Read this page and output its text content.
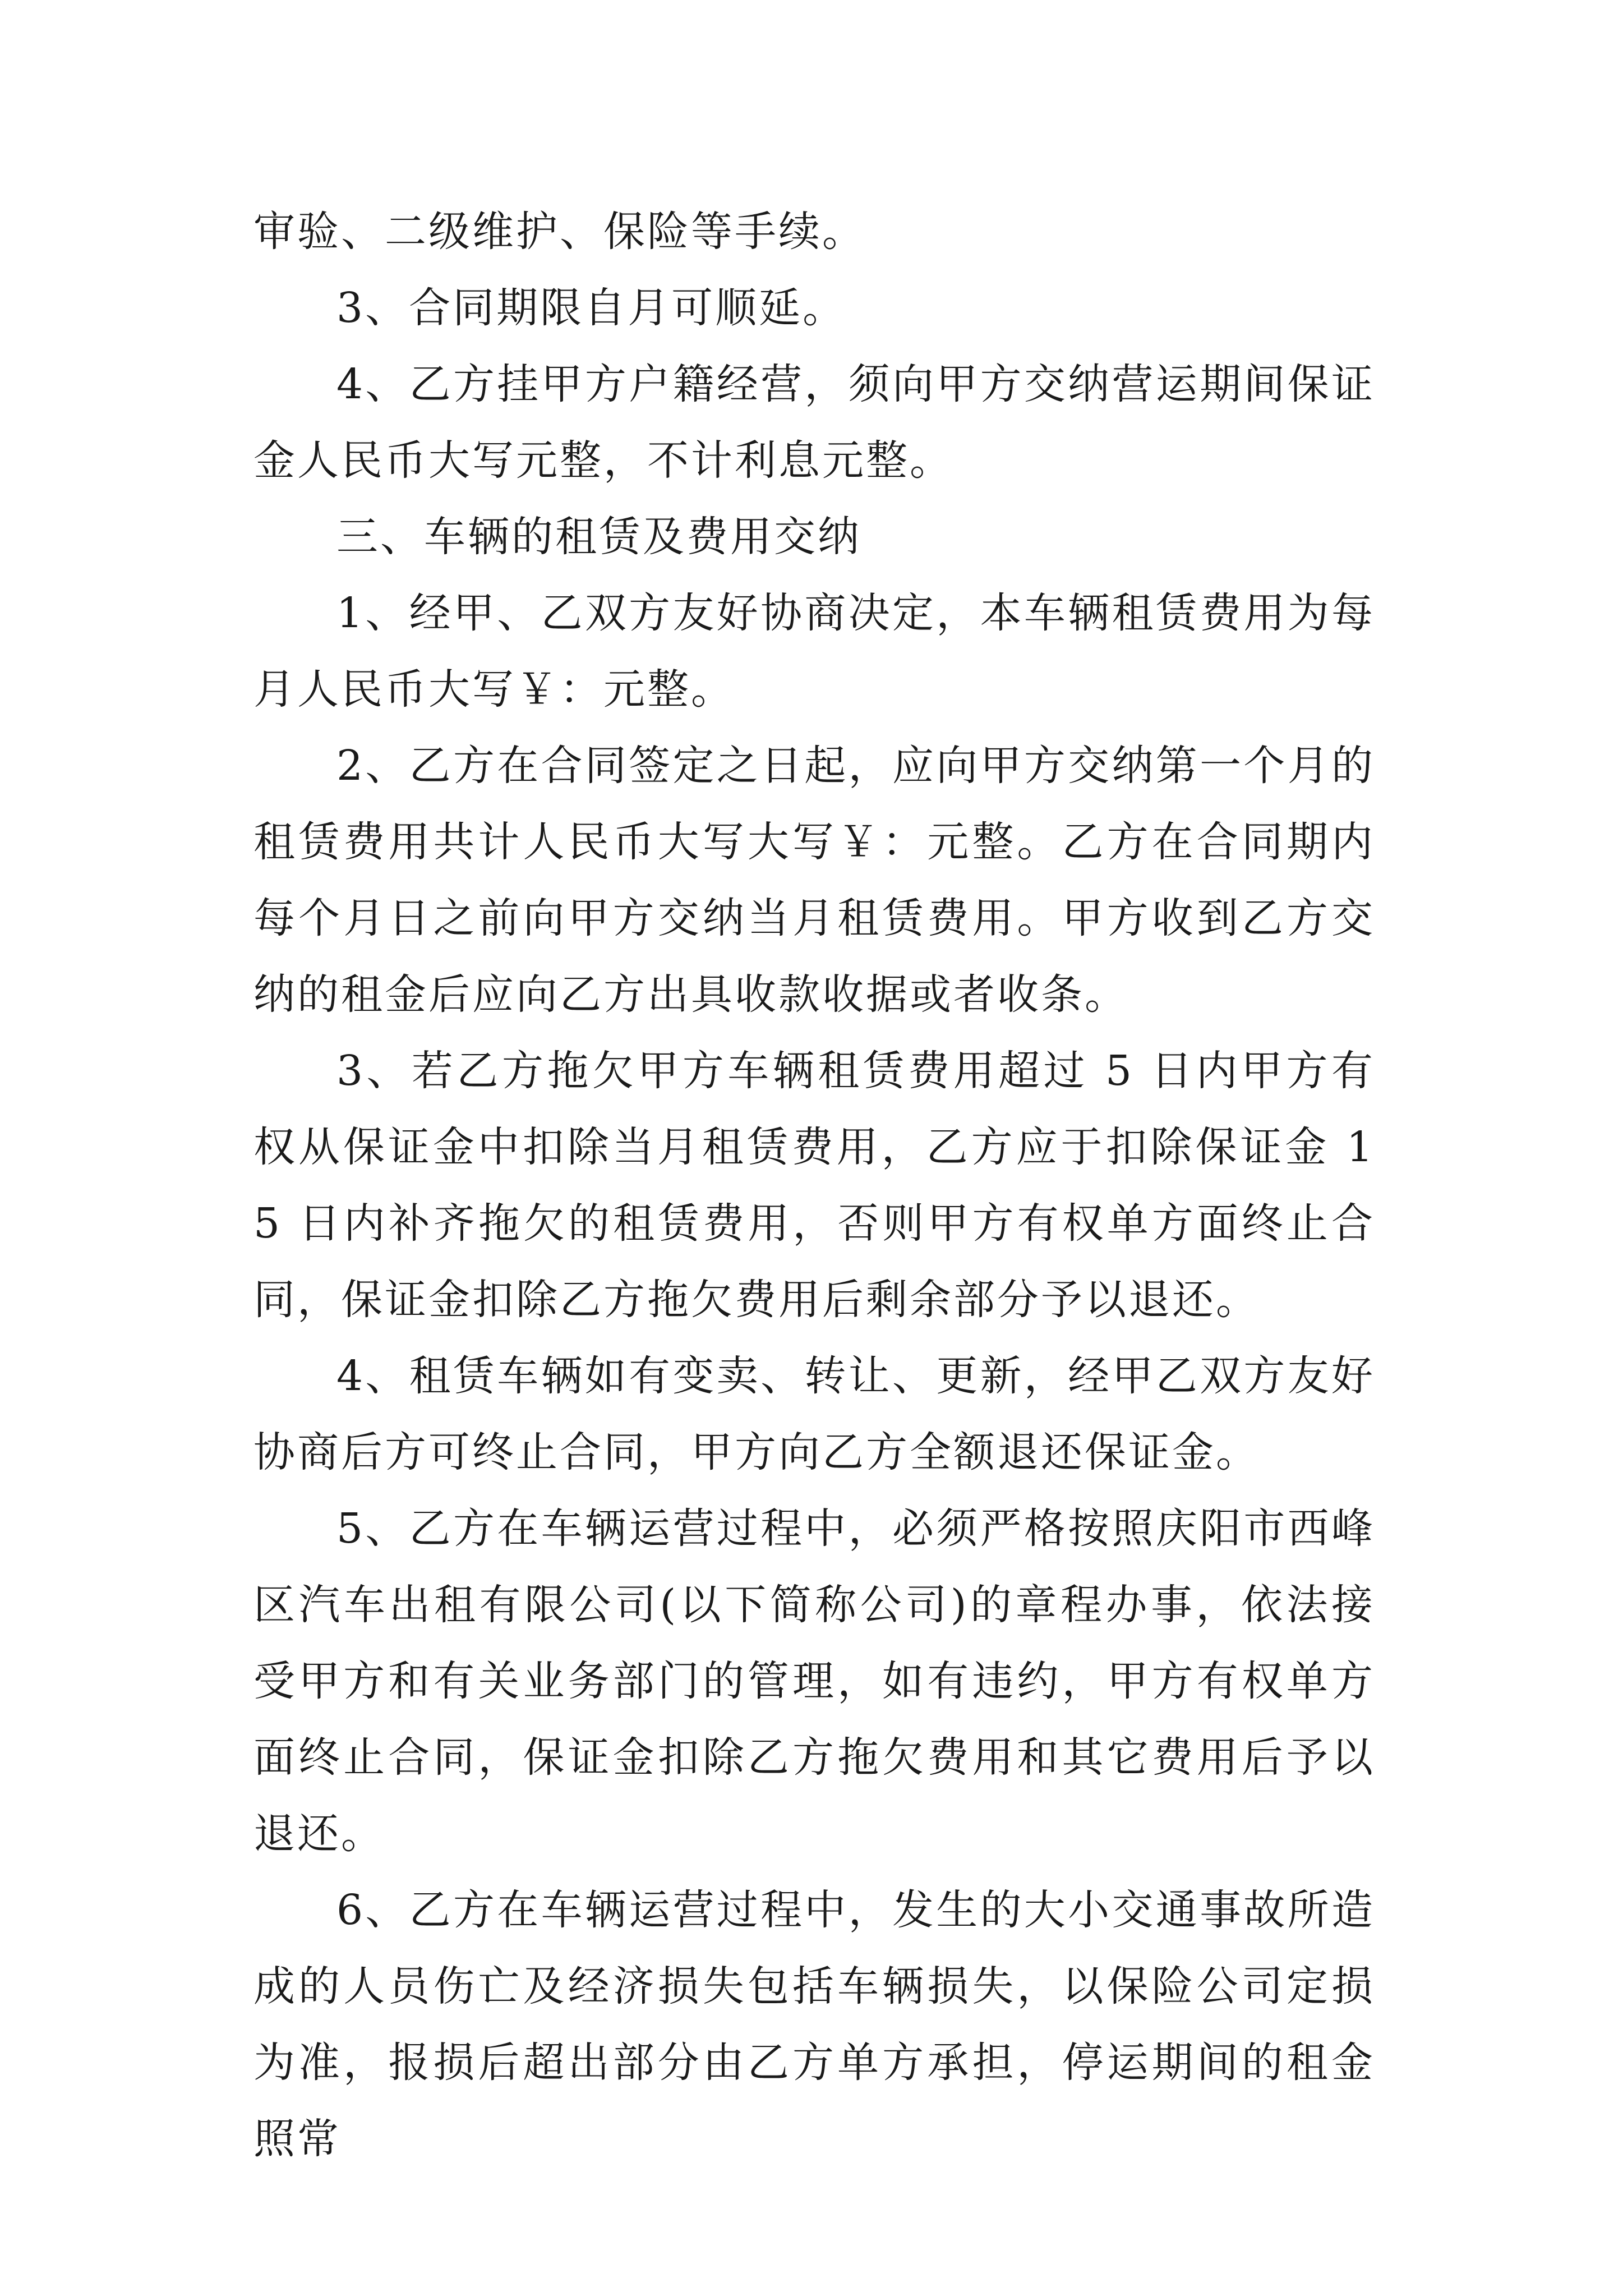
审验、二级维护、保险等手续。

3、合同期限自月可顺延。

4、乙方挂甲方户籍经营，须向甲方交纳营运期间保证金人民币大写元整，不计利息元整。

三、车辆的租赁及费用交纳

1、经甲、乙双方友好协商决定，本车辆租赁费用为每月人民币大写￥：元整。

2、乙方在合同签定之日起，应向甲方交纳第一个月的租赁费用共计人民币大写大写￥：元整。乙方在合同期内每个月日之前向甲方交纳当月租赁费用。甲方收到乙方交纳的租金后应向乙方出具收款收据或者收条。

3、若乙方拖欠甲方车辆租赁费用超过 5 日内甲方有权从保证金中扣除当月租赁费用，乙方应于扣除保证金 15 日内补齐拖欠的租赁费用，否则甲方有权单方面终止合同，保证金扣除乙方拖欠费用后剩余部分予以退还。

4、租赁车辆如有变卖、转让、更新，经甲乙双方友好协商后方可终止合同，甲方向乙方全额退还保证金。

5、乙方在车辆运营过程中，必须严格按照庆阳市西峰区汽车出租有限公司(以下简称公司)的章程办事，依法接受甲方和有关业务部门的管理，如有违约，甲方有权单方面终止合同，保证金扣除乙方拖欠费用和其它费用后予以退还。

6、乙方在车辆运营过程中，发生的大小交通事故所造成的人员伤亡及经济损失包括车辆损失，以保险公司定损为准，报损后超出部分由乙方单方承担，停运期间的租金照常
